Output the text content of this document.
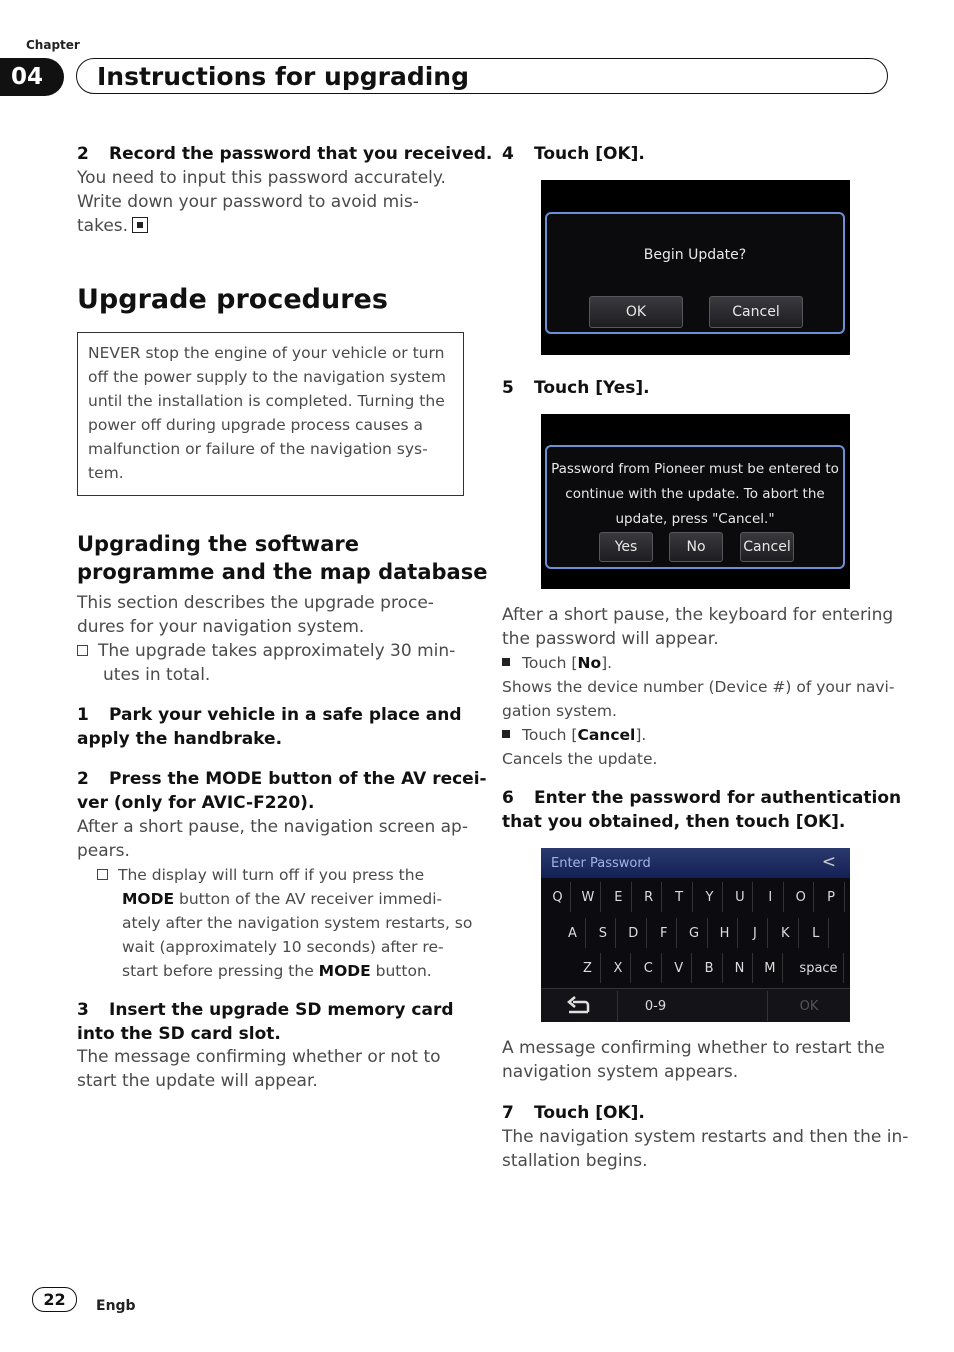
Chapter
04	Instructions for upgrading
2 Record the password that you received.
You need to input this password accurately.
Write down your password to avoid mis-
takes.
Upgrade procedures
NEVER stop the engine of your vehicle or turn
off the power supply to the navigation system
until the installation is completed. Turning the
power off during upgrade process causes a
malfunction or failure of the navigation sys-
tem.
Upgrading the software
programme and the map database
This section describes the upgrade proce-
dures for your navigation system.
The upgrade takes approximately 30 min-
utes in total.
1 Park your vehicle in a safe place and
apply the handbrake.
2 Press the MODE button of the AV recei-
ver (only for AVIC-F220).
After a short pause, the navigation screen ap-
pears.
The display will turn off if you press the
MODE button of the AV receiver immedi-
ately after the navigation system restarts, so
wait (approximately 10 seconds) after re-
start before pressing the MODE button.
3 Insert the upgrade SD memory card
into the SD card slot.
The message confirming whether or not to
start the update will appear.
4 Touch [OK].
Begin Update?
OK	Cancel
5 Touch [Yes].
Password from Pioneer must be entered to
continue with the update. To abort the
update, press "Cancel."
Yes	No	Cancel
After a short pause, the keyboard for entering
the password will appear.
Touch [No].
Shows the device number (Device #) of your navi-
gation system.
Touch [Cancel].
Cancels the update.
6 Enter the password for authentication
that you obtained, then touch [OK].
Enter Password	<
Q	W	E	R	T	Y	U	I	O	P
A	S	D	F	G	H	J	K	L
Z	X	C	V	B	N	M	space
0-9	OK
A message confirming whether to restart the
navigation system appears.
7 Touch [OK].
The navigation system restarts and then the in-
stallation begins.
22	Engb
